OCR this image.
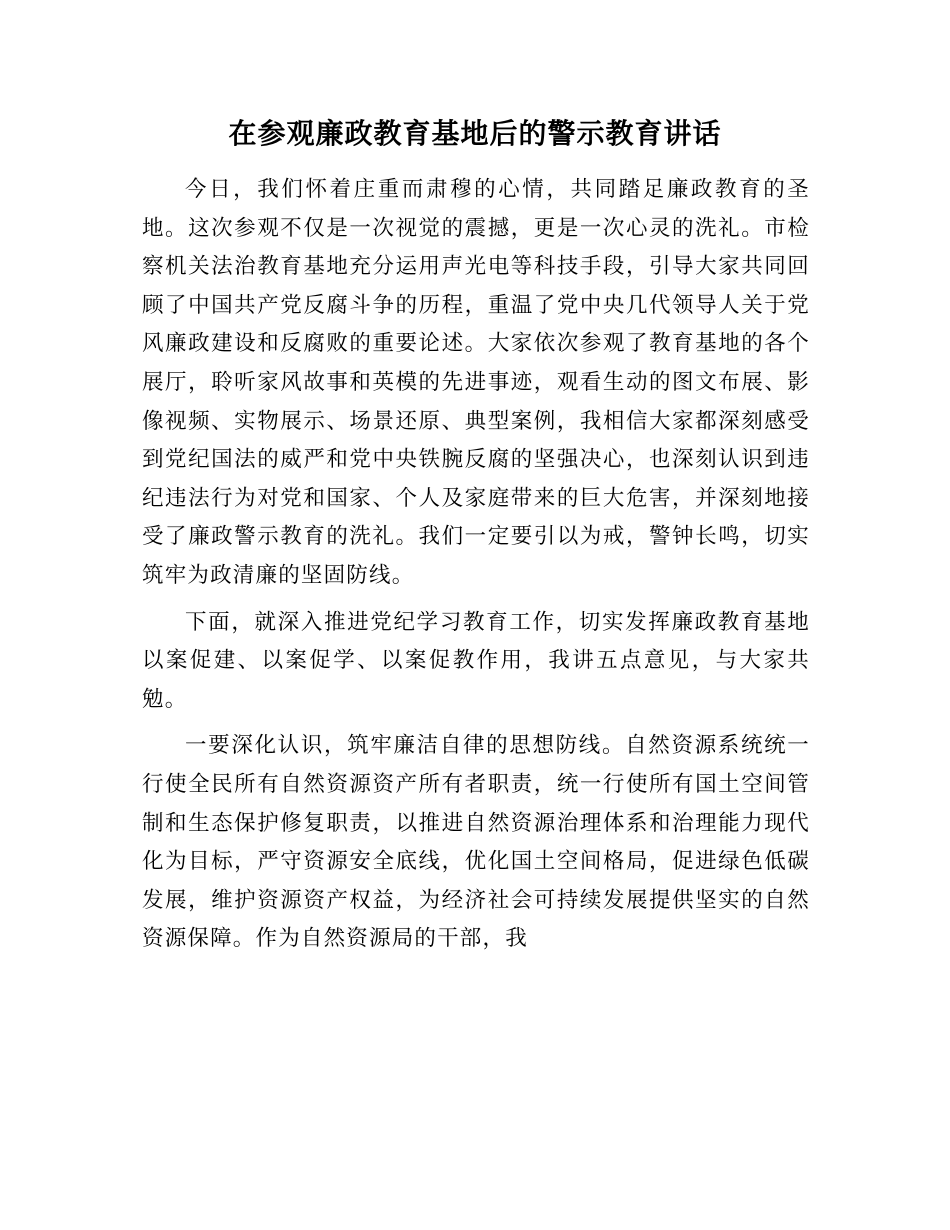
在参观廉政教育基地后的警示教育讲话

今日，我们怀着庄重而肃穆的心情，共同踏足廉政教育的圣地。这次参观不仅是一次视觉的震撼，更是一次心灵的洗礼。市检察机关法治教育基地充分运用声光电等科技手段，引导大家共同回顾了中国共产党反腐斗争的历程，重温了党中央几代领导人关于党风廉政建设和反腐败的重要论述。大家依次参观了教育基地的各个展厅，聆听家风故事和英模的先进事迹，观看生动的图文布展、影像视频、实物展示、场景还原、典型案例，我相信大家都深刻感受到党纪国法的威严和党中央铁腕反腐的坚强决心，也深刻认识到违纪违法行为对党和国家、个人及家庭带来的巨大危害，并深刻地接受了廉政警示教育的洗礼。我们一定要引以为戒，警钟长鸣，切实筑牢为政清廉的坚固防线。

下面，就深入推进党纪学习教育工作，切实发挥廉政教育基地以案促建、以案促学、以案促教作用，我讲五点意见，与大家共勉。

一要深化认识，筑牢廉洁自律的思想防线。自然资源系统统一行使全民所有自然资源资产所有者职责，统一行使所有国土空间管制和生态保护修复职责，以推进自然资源治理体系和治理能力现代化为目标，严守资源安全底线，优化国土空间格局，促进绿色低碳发展，维护资源资产权益，为经济社会可持续发展提供坚实的自然资源保障。作为自然资源局的干部，我
